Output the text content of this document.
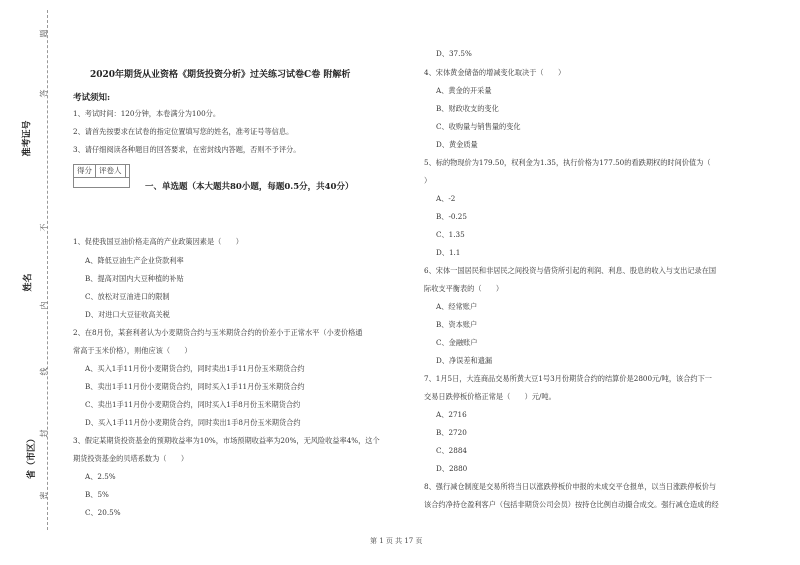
题
答
不
内
线
封
密
准考证号
姓名
省（市区）
2020年期货从业资格《期货投资分析》过关练习试卷C卷 附解析
考试须知:
1、考试时间：120分钟，本卷满分为100分。
2、请首先按要求在试卷的指定位置填写您的姓名，准考证号等信息。
3、请仔细阅读各种题目的回答要求，在密封线内答题，否则不予评分。
得分 评卷人
一、单选题（本大题共80小题，每题0.5分，共40分）
1、促使我国豆油价格走高的产业政策因素是（　　）
A、降低豆油生产企业贷款利率
B、提高对国内大豆种植的补贴
C、放松对豆油进口的限制
D、对进口大豆征收高关税
2、在8月份，某套利者认为小麦期货合约与玉米期货合约的价差小于正常水平（小麦价格通
常高于玉米价格），则他应该（　　）
A、买入1手11月份小麦期货合约，同时卖出1手11月份玉米期货合约
B、卖出1手11月份小麦期货合约，同时买入1手11月份玉米期货合约
C、卖出1手11月份小麦期货合约，同时买入1手8月份玉米期货合约
D、买入1手11月份小麦期货合约，同时卖出1手8月份玉米期货合约
3、假定某期货投资基金的预期收益率为10%，市场预期收益率为20%，无风险收益率4%，这个
期货投资基金的贝塔系数为（　　）
A、2.5%
B、5%
C、20.5%
D、37.5%
4、宋体黄金储备的增减变化取决于（　　）
A、黄金的开采量
B、财政收支的变化
C、收购量与销售量的变化
D、黄金质量
5、标的物现价为179.50，权利金为1.35，执行价格为177.50的看跌期权的时间价值为（
）
A、-2
B、-0.25
C、1.35
D、1.1
6、宋体一国居民和非居民之间投资与借贷所引起的利润、利息、股息的收入与支出记录在国
际收支平衡表的（　　）
A、经常账户
B、资本账户
C、金融账户
D、净误差和遗漏
7、1月5日，大连商品交易所黄大豆1号3月份期货合约的结算价是2800元/吨，该合约下一
交易日跌停板价格正常是（　　）元/吨。
A、2716
B、2720
C、2884
D、2880
8、强行减仓制度是交易所将当日以涨跌停板价申报的未成交平仓报单，以当日涨跌停板价与
该合约净持仓盈利客户（包括非期货公司会员）按持仓比例自动撮合成交。强行减仓造成的经
第 1 页 共 17 页
